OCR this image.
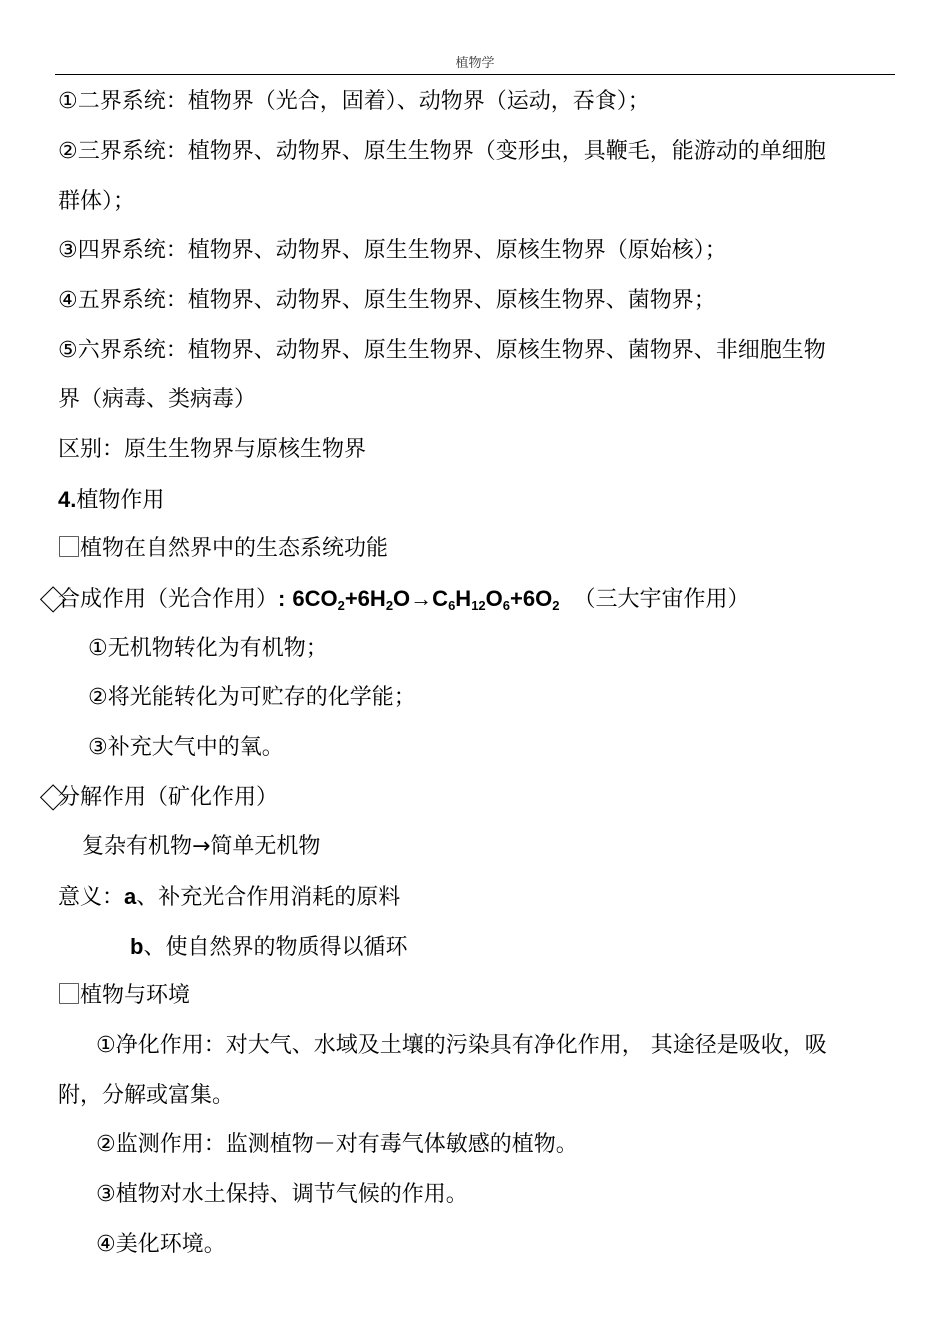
植物学
①二界系统：植物界（光合，固着）、动物界（运动，吞食）；
②三界系统：植物界、动物界、原生生物界（变形虫，具鞭毛，能游动的单细胞
群体）；
③四界系统：植物界、动物界、原生生物界、原核生物界（原始核）；
④五界系统：植物界、动物界、原生生物界、原核生物界、菌物界；
⑤六界系统：植物界、动物界、原生生物界、原核生物界、菌物界、非细胞生物
界（病毒、类病毒）
区别：原生生物界与原核生物界
4.植物作用
⃞植物在自然界中的生态系统功能
⃟合成作用（光合作用）: $6CO_2+6H_2O\to C_6H_{12}O_6+6O_2$ （三大宇宙作用）
①无机物转化为有机物；
②将光能转化为可贮存的化学能；
③补充大气中的氧。
⃟分解作用（矿化作用）
复杂有机物→简单无机物
意义：a、补充光合作用消耗的原料
b、使自然界的物质得以循环
⃞植物与环境
①净化作用：对大气、水域及土壤的污染具有净化作用， 其途径是吸收，吸
附，分解或富集。
②监测作用：监测植物－对有毒气体敏感的植物。
③植物对水土保持、调节气候的作用。
④美化环境。
